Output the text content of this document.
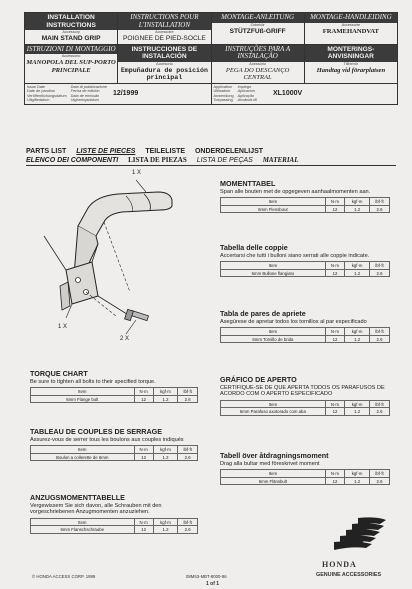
INSTALLATION INSTRUCTIONS
Accessory
MAIN STAND GRIP
INSTRUCTIONS POUR L'INSTALLATION
Accessoire
POIGNEE DE PIED-SOCLE
MONTAGE-ANLEITUNG
Zubehör
STÜTZFUß-GRIFF
MONTAGE-HANDLEIDING
Accessoire
FRAMEHANDVAT
ISTRUZIONI DI MONTAGGIO
Accessorio
MANOPOLA DEL SUP-PORTO PRINCIPALE
INSTRUCCIONES DE INSTALACIÓN
Accesorio
Empuñadura de posición principal
INSTRUÇÕES PARA A INSTALAÇÃO
Acessório
PEGA DO DESCANÇO CENTRAL
MONTERINGS-ANVISNINGAR
Tillbehör
Handtag vid förarplatsen
Issue Date
Date de parution
Veröffentlichungsdatum
Uitgiftedatum
Data di pubblicazione
Fecha de edición
Data de emissão
Utgivningsdatum
12/1999
Application
Utilisation
Anwendung
Toepassing
Impiego
Aplicación
Aplicação
Används till
XL1000V
PARTS LIST LISTE DE PIECES TEILELISTE ONDERDELENLIJST
ELENCO DEI COMPONENTI LISTA DE PIEZAS LISTA DE PEÇAS MATERIAL
1 X
1 X
2 X
TORQUE CHART

Be sure to tighten all bolts to their specified torque.

Item	N·m	kgf·m	lbf·ft
6mm Flange bolt	12	1.2	2.6
TABLEAU DE COUPLES DE SERRAGE

Assurez-vous de serrer tous les boulons aux couples indiqués

Item	N·m	kgf·m	lbf·ft
Boulon a collerette de 6mm	12	1.2	2.6
ANZUGSMOMENTTABELLE

Vergewissem Sie sich davon, alle Schrauben mit den vorgeschriebenen Anzugmomenten anzuziehen.

Item	N·m	kgf·m	lbf·ft
6mm Flanschschraube	12	1.2	2.6
MOMENTTABEL

Span alle bouten met de opgegeven aanhaalmomenten aan.

Item	N·m	kgf·m	lbf·ft
6mm Flensbout	12	1.2	2.6
Tabella delle coppie

Accertarsi che tutti i bulloni siano serrati alle coppie indicate.

Item	N·m	kgf·m	lbf·ft
6mm Bullone flangiato	12	1.2	2.6
Tabla de pares de apriete

Asegúrese de apretar todos los tornillos al par especificado

Item	N·m	kgf·m	lbf·ft
6mm Tornillo de brida	12	1.2	2.6
GRÁFICO DE APERTO

CERTIFIQUE-SE DE QUE APERTA TODOS OS PARAFUSOS DE ACORDO COM O APERTO ESPECIFICADO

Item	N·m	kgf·m	lbf·ft
6mm Parafuso axotorado com aba	12	1.2	2.6
Tabell över åtdragningsmoment

Drag alla bultar med föreskrivet moment

Item	N·m	kgf·m	lbf·ft
6mm Flänsbult	12	1.2	2.6
HONDA
GENUINE ACCESSORIES
© HONDA ACCESS CORP. 1999	08M53-MBT-8000-96
1 of 1
